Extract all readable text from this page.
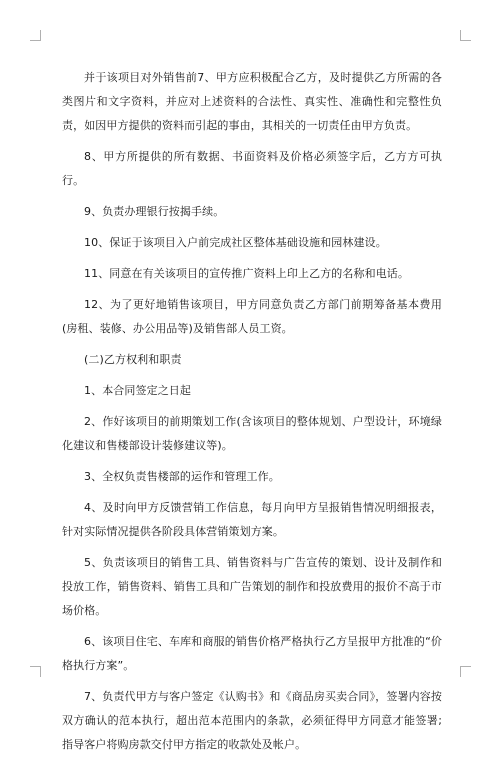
并于该项目对外销售前7、甲方应积极配合乙方，及时提供乙方所需的各类图片和文字资料，并应对上述资料的合法性、真实性、准确性和完整性负责，如因甲方提供的资料而引起的事由，其相关的一切责任由甲方负责。

8、甲方所提供的所有数据、书面资料及价格必须签字后，乙方方可执行。

9、负责办理银行按揭手续。

10、保证于该项目入户前完成社区整体基础设施和园林建设。

11、同意在有关该项目的宣传推广资料上印上乙方的名称和电话。

12、为了更好地销售该项目，甲方同意负责乙方部门前期筹备基本费用(房租、装修、办公用品等)及销售部人员工资。

(二)乙方权利和职责

1、本合同签定之日起

2、作好该项目的前期策划工作(含该项目的整体规划、户型设计，环境绿化建议和售楼部设计装修建议等)。

3、全权负责售楼部的运作和管理工作。

4、及时向甲方反馈营销工作信息，每月向甲方呈报销售情况明细报表，针对实际情况提供各阶段具体营销策划方案。

5、负责该项目的销售工具、销售资料与广告宣传的策划、设计及制作和投放工作，销售资料、销售工具和广告策划的制作和投放费用的报价不高于市场价格。

6、该项目住宅、车库和商服的销售价格严格执行乙方呈报甲方批准的“价格执行方案”。

7、负责代甲方与客户签定《认购书》和《商品房买卖合同》，签署内容按双方确认的范本执行，超出范本范围内的条款，必须征得甲方同意才能签署;指导客户将购房款交付甲方指定的收款处及帐户。
